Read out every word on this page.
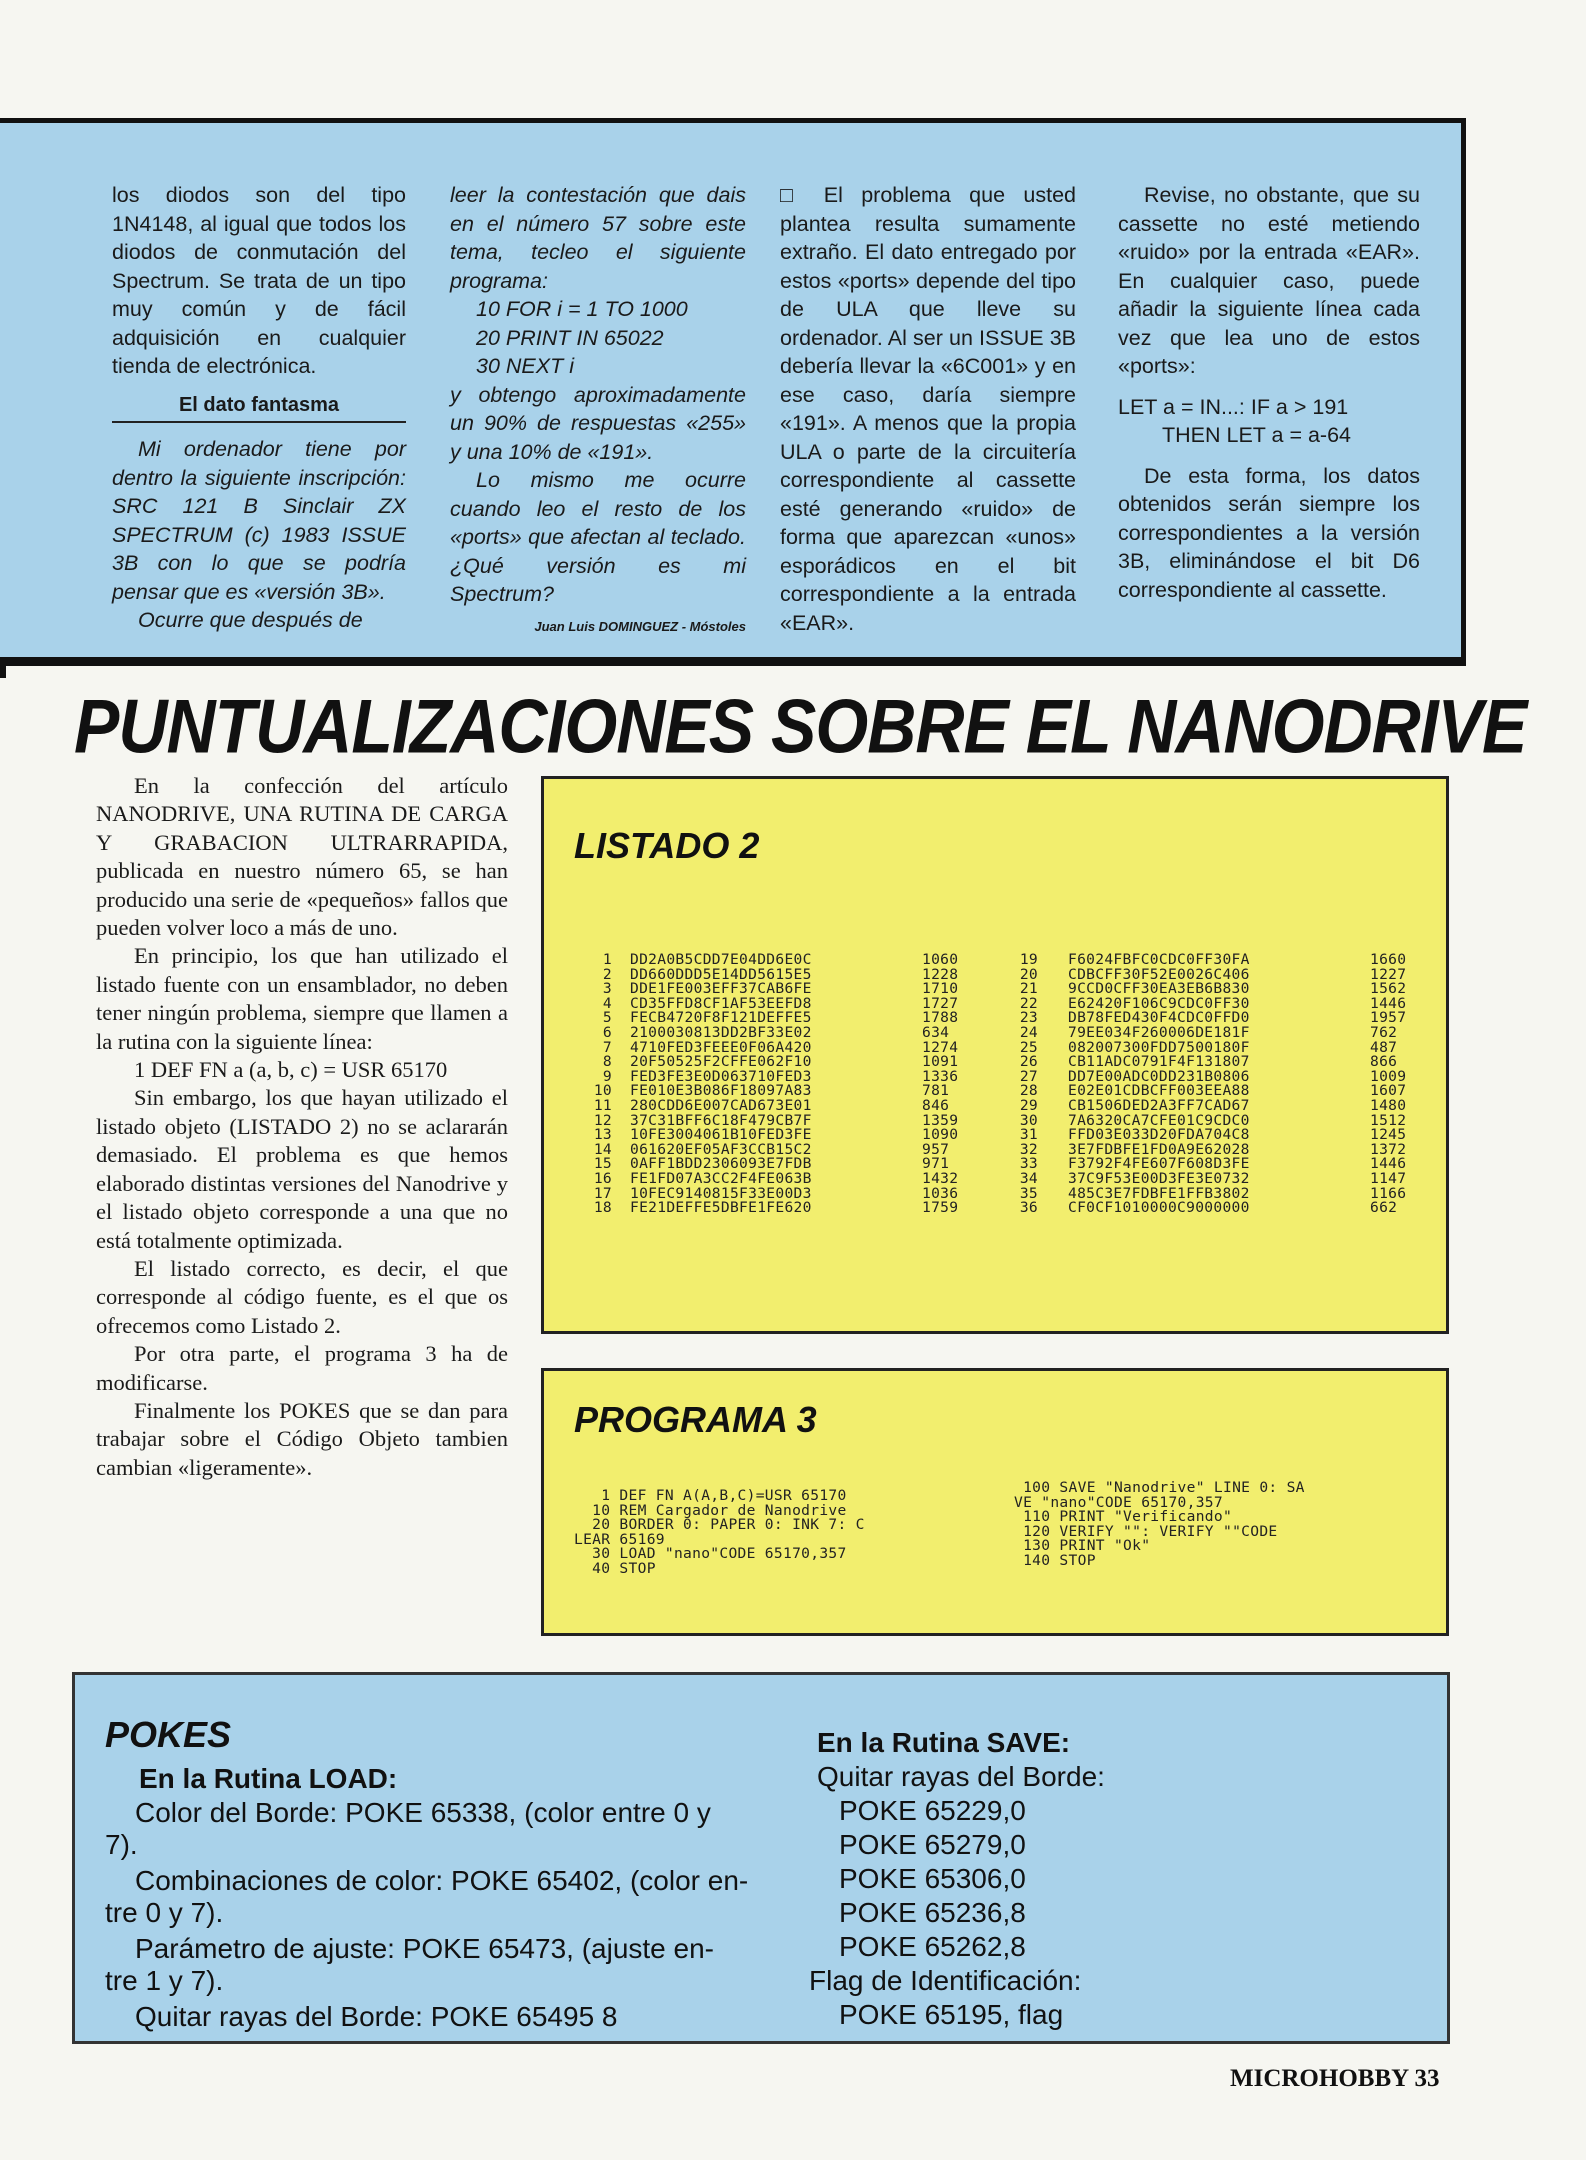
los diodos son del tipo 1N4148, al igual que todos los diodos de conmutación del Spectrum. Se trata de un tipo muy común y de fácil adquisición en cualquier tienda de electrónica.

El dato fantasma

Mi ordenador tiene por dentro la siguiente inscripción: SRC 121 B Sinclair ZX SPECTRUM (c) 1983 ISSUE 3B con lo que se podría pensar que es «versión 3B».

Ocurre que después de

leer la contestación que dais en el número 57 sobre este tema, tecleo el siguiente programa:

10 FOR i = 1 TO 1000

20 PRINT IN 65022

30 NEXT i

y obtengo aproximadamente un 90% de respuestas «255» y una 10% de «191».

Lo mismo me ocurre cuando leo el resto de los «ports» que afectan al teclado. ¿Qué versión es mi Spectrum?

Juan Luis DOMINGUEZ - Móstoles

□ El problema que usted plantea resulta sumamente extraño. El dato entregado por estos «ports» depende del tipo de ULA que lleve su ordenador. Al ser un ISSUE 3B debería llevar la «6C001» y en ese caso, daría siempre «191». A menos que la propia ULA o parte de la circuitería correspondiente al cassette esté generando «ruido» de forma que aparezcan «unos» esporádicos en el bit correspondiente a la entrada «EAR».

Revise, no obstante, que su cassette no esté metiendo «ruido» por la entrada «EAR». En cualquier caso, puede añadir la siguiente línea cada vez que lea uno de estos «ports»:

LET a = IN...: IF a > 191

THEN LET a = a-64

De esta forma, los datos obtenidos serán siempre los correspondientes a la versión 3B, eliminándose el bit D6 correspondiente al cassette.

PUNTUALIZACIONES SOBRE EL NANODRIVE

En la confección del artículo NANODRIVE, UNA RUTINA DE CARGA Y GRABACION ULTRARRAPIDA, publicada en nuestro número 65, se han producido una serie de «pequeños» fallos que pueden volver loco a más de uno.

En principio, los que han utilizado el listado fuente con un ensamblador, no deben tener ningún problema, siempre que llamen a la rutina con la siguiente línea:

1 DEF FN a (a, b, c) = USR 65170

Sin embargo, los que hayan utilizado el listado objeto (LISTADO 2) no se aclararán demasiado. El problema es que hemos elaborado distintas versiones del Nanodrive y el listado objeto corresponde a una que no está totalmente optimizada.

El listado correcto, es decir, el que corresponde al código fuente, es el que os ofrecemos como Listado 2.

Por otra parte, el programa 3 ha de modificarse.

Finalmente los POKES que se dan para trabajar sobre el Código Objeto tambien cambian «ligeramente».

LISTADO 2
1
2
3
4
5
6
7
8
9
10
11
12
13
14
15
16
17
18
DD2A0B5CDD7E04DD6E0C
DD660DDD5E14DD5615E5
DDE1FE003EFF37CAB6FE
CD35FFD8CF1AF53EEFD8
FECB4720F8F121DEFFE5
2100030813DD2BF33E02
4710FED3FEEE0F06A420
20F50525F2CFFE062F10
FED3FE3E0D063710FED3
FE010E3B086F18097A83
280CDD6E007CAD673E01
37C31BFF6C18F479CB7F
10FE3004061B10FED3FE
061620EF05AF3CCB15C2
0AFF1BDD2306093E7FDB
FE1FD07A3CC2F4FE063B
10FEC9140815F33E00D3
FE21DEFFE5DBFE1FE620
1060
1228
1710
1727
1788
634
1274
1091
1336
781
846
1359
1090
957
971
1432
1036
1759
19
20
21
22
23
24
25
26
27
28
29
30
31
32
33
34
35
36
F6024FBFC0CDC0FF30FA
CDBCFF30F52E0026C406
9CCD0CFF30EA3EB6B830
E62420F106C9CDC0FF30
DB78FED430F4CDC0FFD0
79EE034F260006DE181F
082007300FDD7500180F
CB11ADC0791F4F131807
DD7E00ADC0DD231B0806
E02E01CDBCFF003EEA88
CB1506DED2A3FF7CAD67
7A6320CA7CFE01C9CDC0
FFD03E033D20FDA704C8
3E7FDBFE1FD0A9E62028
F3792F4FE607F608D3FE
37C9F53E00D3FE3E0732
485C3E7FDBFE1FFB3802
CF0CF1010000C9000000
1660
1227
1562
1446
1957
762
487
866
1009
1607
1480
1512
1245
1372
1446
1147
1166
662
PROGRAMA 3
1 DEF FN A(A,B,C)=USR 65170
10 REM Cargador de Nanodrive
20 BORDER 0: PAPER 0: INK 7: C
LEAR 65169
30 LOAD "nano"CODE 65170,357
40 STOP
100 SAVE "Nanodrive" LINE 0: SA
VE "nano"CODE 65170,357
110 PRINT "Verificando"
120 VERIFY "": VERIFY ""CODE
130 PRINT "Ok"
140 STOP
POKES
En la Rutina LOAD:
Color del Borde: POKE 65338, (color entre 0 y
7).
Combinaciones de color: POKE 65402, (color en-
tre 0 y 7).
Parámetro de ajuste: POKE 65473, (ajuste en-
tre 1 y 7).
Quitar rayas del Borde: POKE 65495 8
En la Rutina SAVE:
Quitar rayas del Borde:
POKE 65229,0
POKE 65279,0
POKE 65306,0
POKE 65236,8
POKE 65262,8
Flag de Identificación:
POKE 65195, flag
MICROHOBBY 33
